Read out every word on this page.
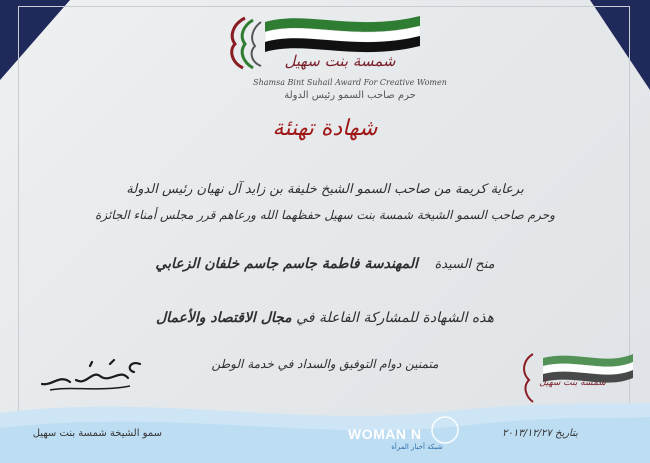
شمسة بنت سهيل
Shamsa Bint Suhail Award For Creative Women
حرم صاحب السمو رئيس الدولة
شهادة تهنئة
برعاية كريمة من صاحب السمو الشيخ خليفة بن زايد آل نهيان رئيس الدولة
وحرم صاحب السمو الشيخة شمسة بنت سهيل حفظهما الله ورعاهم قرر مجلس أمناء الجائزة
منح السيدة    المهندسة فاطمة جاسم جاسم خلفان الزعابي
هذه الشهادة للمشاركة الفاعلة في مجال الاقتصاد والأعمال
متمنين دوام التوفيق والسداد في خدمة الوطن
سمو الشيخة شمسة بنت سهيل
شمسة بنت سهيل
بتاريخ ٢٠١٣/١٢/٢٧
WOMAN N
شبكة أخبار المرأة
